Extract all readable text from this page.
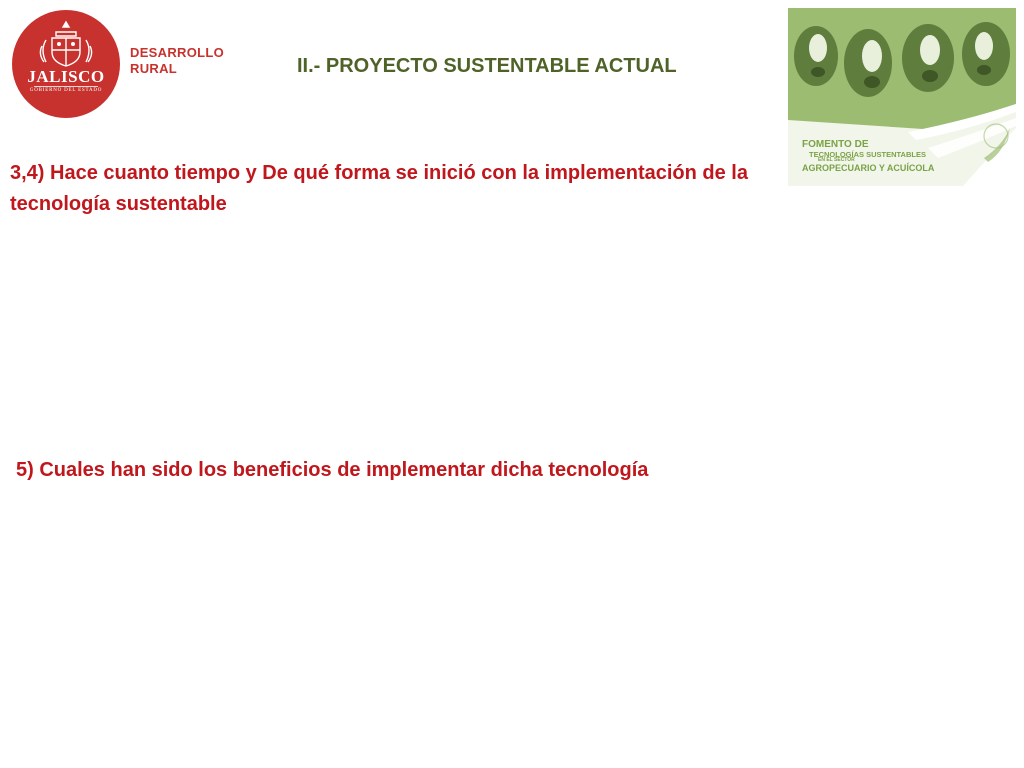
JALISCO
GOBIERNO DEL ESTADO
DESARROLLO
RURAL	II.- PROYECTO SUSTENTABLE ACTUAL
FOMENTO DE
TECNOLOGÍAS SUSTENTABLES
EN EL SECTOR
AGROPECUARIO Y ACUÍCOLA
3,4) Hace cuanto tiempo y De qué forma se inició con la implementación de la tecnología sustentable
5) Cuales han sido los beneficios de implementar dicha tecnología
